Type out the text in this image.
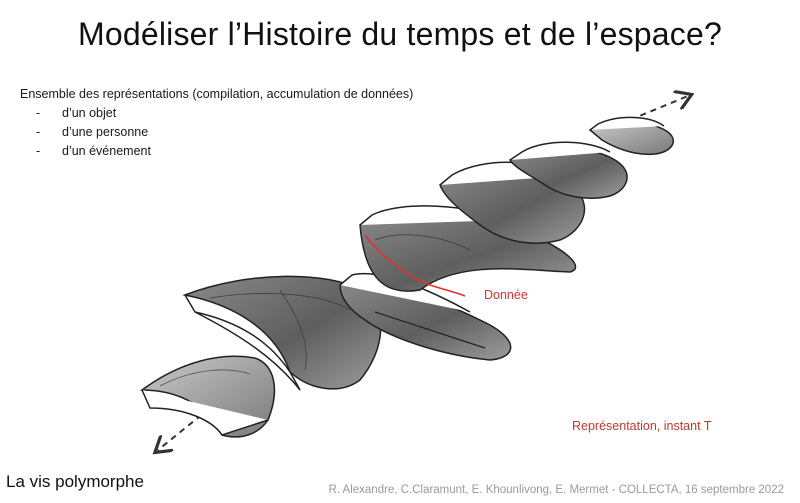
Modéliser l’Histoire du temps et de l’espace?
Ensemble des représentations (compilation, accumulation de données)
- d’un objet
- d’une personne
- d’un événement
Donnée
Représentation, instant T
La vis polymorphe	R. Alexandre, C.Claramunt, E. Khounlivong, E. Mermet - COLLECTA, 16 septembre 2022
